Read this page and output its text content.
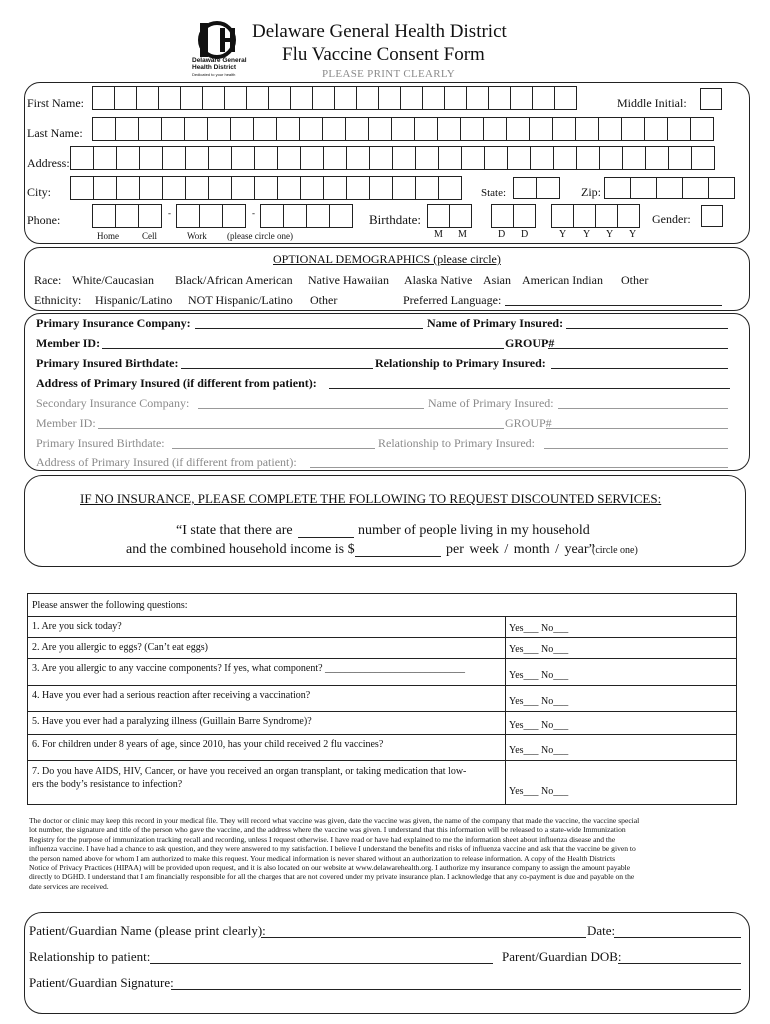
Delaware General
Health District
Dedicated to your health
Delaware General Health District
Flu Vaccine Consent Form
PLEASE PRINT CLEARLY
First Name:	Middle Initial:
Last Name:
Address:
City:	State:	Zip:
Phone:	-	-
Home	Cell	Work (please circle one)
Birthdate:
M M	D D	Y Y Y Y
Gender:
OPTIONAL DEMOGRAPHICS (please circle)
Race: White/Caucasian Black/African American Native Hawaiian Alaska Native Asian American Indian Other
Ethnicity: Hispanic/Latino NOT Hispanic/Latino Other	Preferred Language:
Primary Insurance Company:	Name of Primary Insured:
Member ID:	GROUP#
Primary Insured Birthdate:	Relationship to Primary Insured:
Address of Primary Insured (if different from patient):
Secondary Insurance Company:	Name of Primary Insured:
Member ID:	GROUP#
Primary Insured Birthdate:	Relationship to Primary Insured:
Address of Primary Insured (if different from patient):
IF NO INSURANCE, PLEASE COMPLETE THE FOLLOWING TO REQUEST DISCOUNTED SERVICES:
“I state that there are	number of people living in my household
and the combined household income is $	per week / month / year”
(circle one)
Please answer the following questions:
1. Are you sick today?	Yes___ No___
2. Are you allergic to eggs? (Can’t eat eggs)	Yes___ No___
3. Are you allergic to any vaccine components? If yes, what component? ____________________________
Yes___ No___
4. Have you ever had a serious reaction after receiving a vaccination?
Yes___ No___
5. Have you ever had a paralyzing illness (Guillain Barre Syndrome)?	Yes___ No___
6. For children under 8 years of age, since 2010, has your child received 2 flu vaccines?
Yes___ No___
7. Do you have AIDS, HIV, Cancer, or have you received an organ transplant, or taking medication that low-
ers the body’s resistance to infection?
Yes___ No___
The doctor or clinic may keep this record in your medical file. They will record what vaccine was given, date the vaccine was given, the name of the company that made the vaccine, the vaccine special
lot number, the signature and title of the person who gave the vaccine, and the address where the vaccine was given. I understand that this information will be released to a state-wide Immunization
Registry for the purpose of immunization tracking recall and recording, unless I request otherwise. I have read or have had explained to me the information sheet about influenza disease and the
influenza vaccine. I have had a chance to ask question, and they were answered to my satisfaction. I believe I understand the benefits and risks of influenza vaccine and ask that the vaccine be given to
the person named above for whom I am authorized to make this request. Your medical information is never shared without an authorization to release information. A copy of the Health Districts
Notice of Privacy Practices (HIPAA) will be provided upon request, and it is also located on our website at www.delawarehealth.org. I authorize my insurance company to assign the amount payable
directly to DGHD. I understand that I am financially responsible for all the charges that are not covered under my private insurance plan. I acknowledge that any co-payment is due and payable on the
date services are received.
Patient/Guardian Name (please print clearly):	Date:
Relationship to patient:	Parent/Guardian DOB:
Patient/Guardian Signature:
